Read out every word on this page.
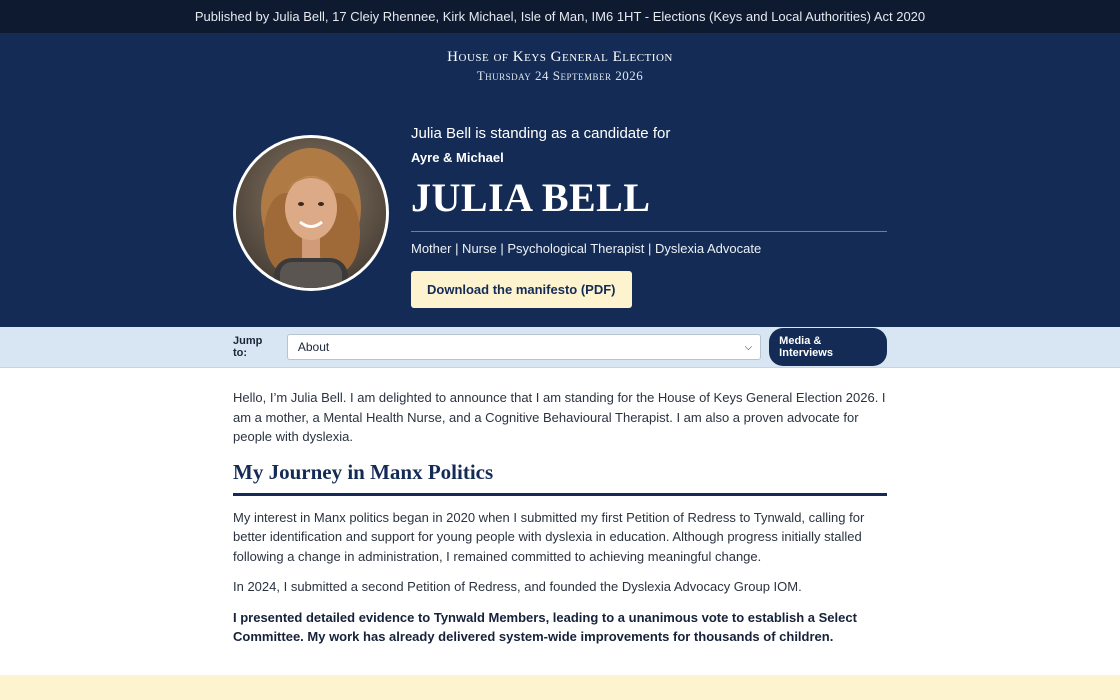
Published by Julia Bell, 17 Cleiy Rhennee, Kirk Michael, Isle of Man, IM6 1HT - Elections (Keys and Local Authorities) Act 2020
House of Keys General Election
Thursday 24 September 2026
Julia Bell is standing as a candidate for
Ayre & Michael
JULIA BELL
Mother | Nurse | Psychological Therapist | Dyslexia Advocate
Download the manifesto (PDF)
Jump to:	About	⌵	Media & Interviews

Hello, I’m Julia Bell. I am delighted to announce that I am standing for the House of Keys General Election 2026. I am a mother, a Mental Health Nurse, and a Cognitive Behavioural Therapist. I am also a proven advocate for people with dyslexia.

My Journey in Manx Politics

My interest in Manx politics began in 2020 when I submitted my first Petition of Redress to Tynwald, calling for better identification and support for young people with dyslexia in education. Although progress initially stalled following a change in administration, I remained committed to achieving meaningful change.

In 2024, I submitted a second Petition of Redress, and founded the Dyslexia Advocacy Group IOM.

I presented detailed evidence to Tynwald Members, leading to a unanimous vote to establish a Select Committee. My work has already delivered system-wide improvements for thousands of children.
